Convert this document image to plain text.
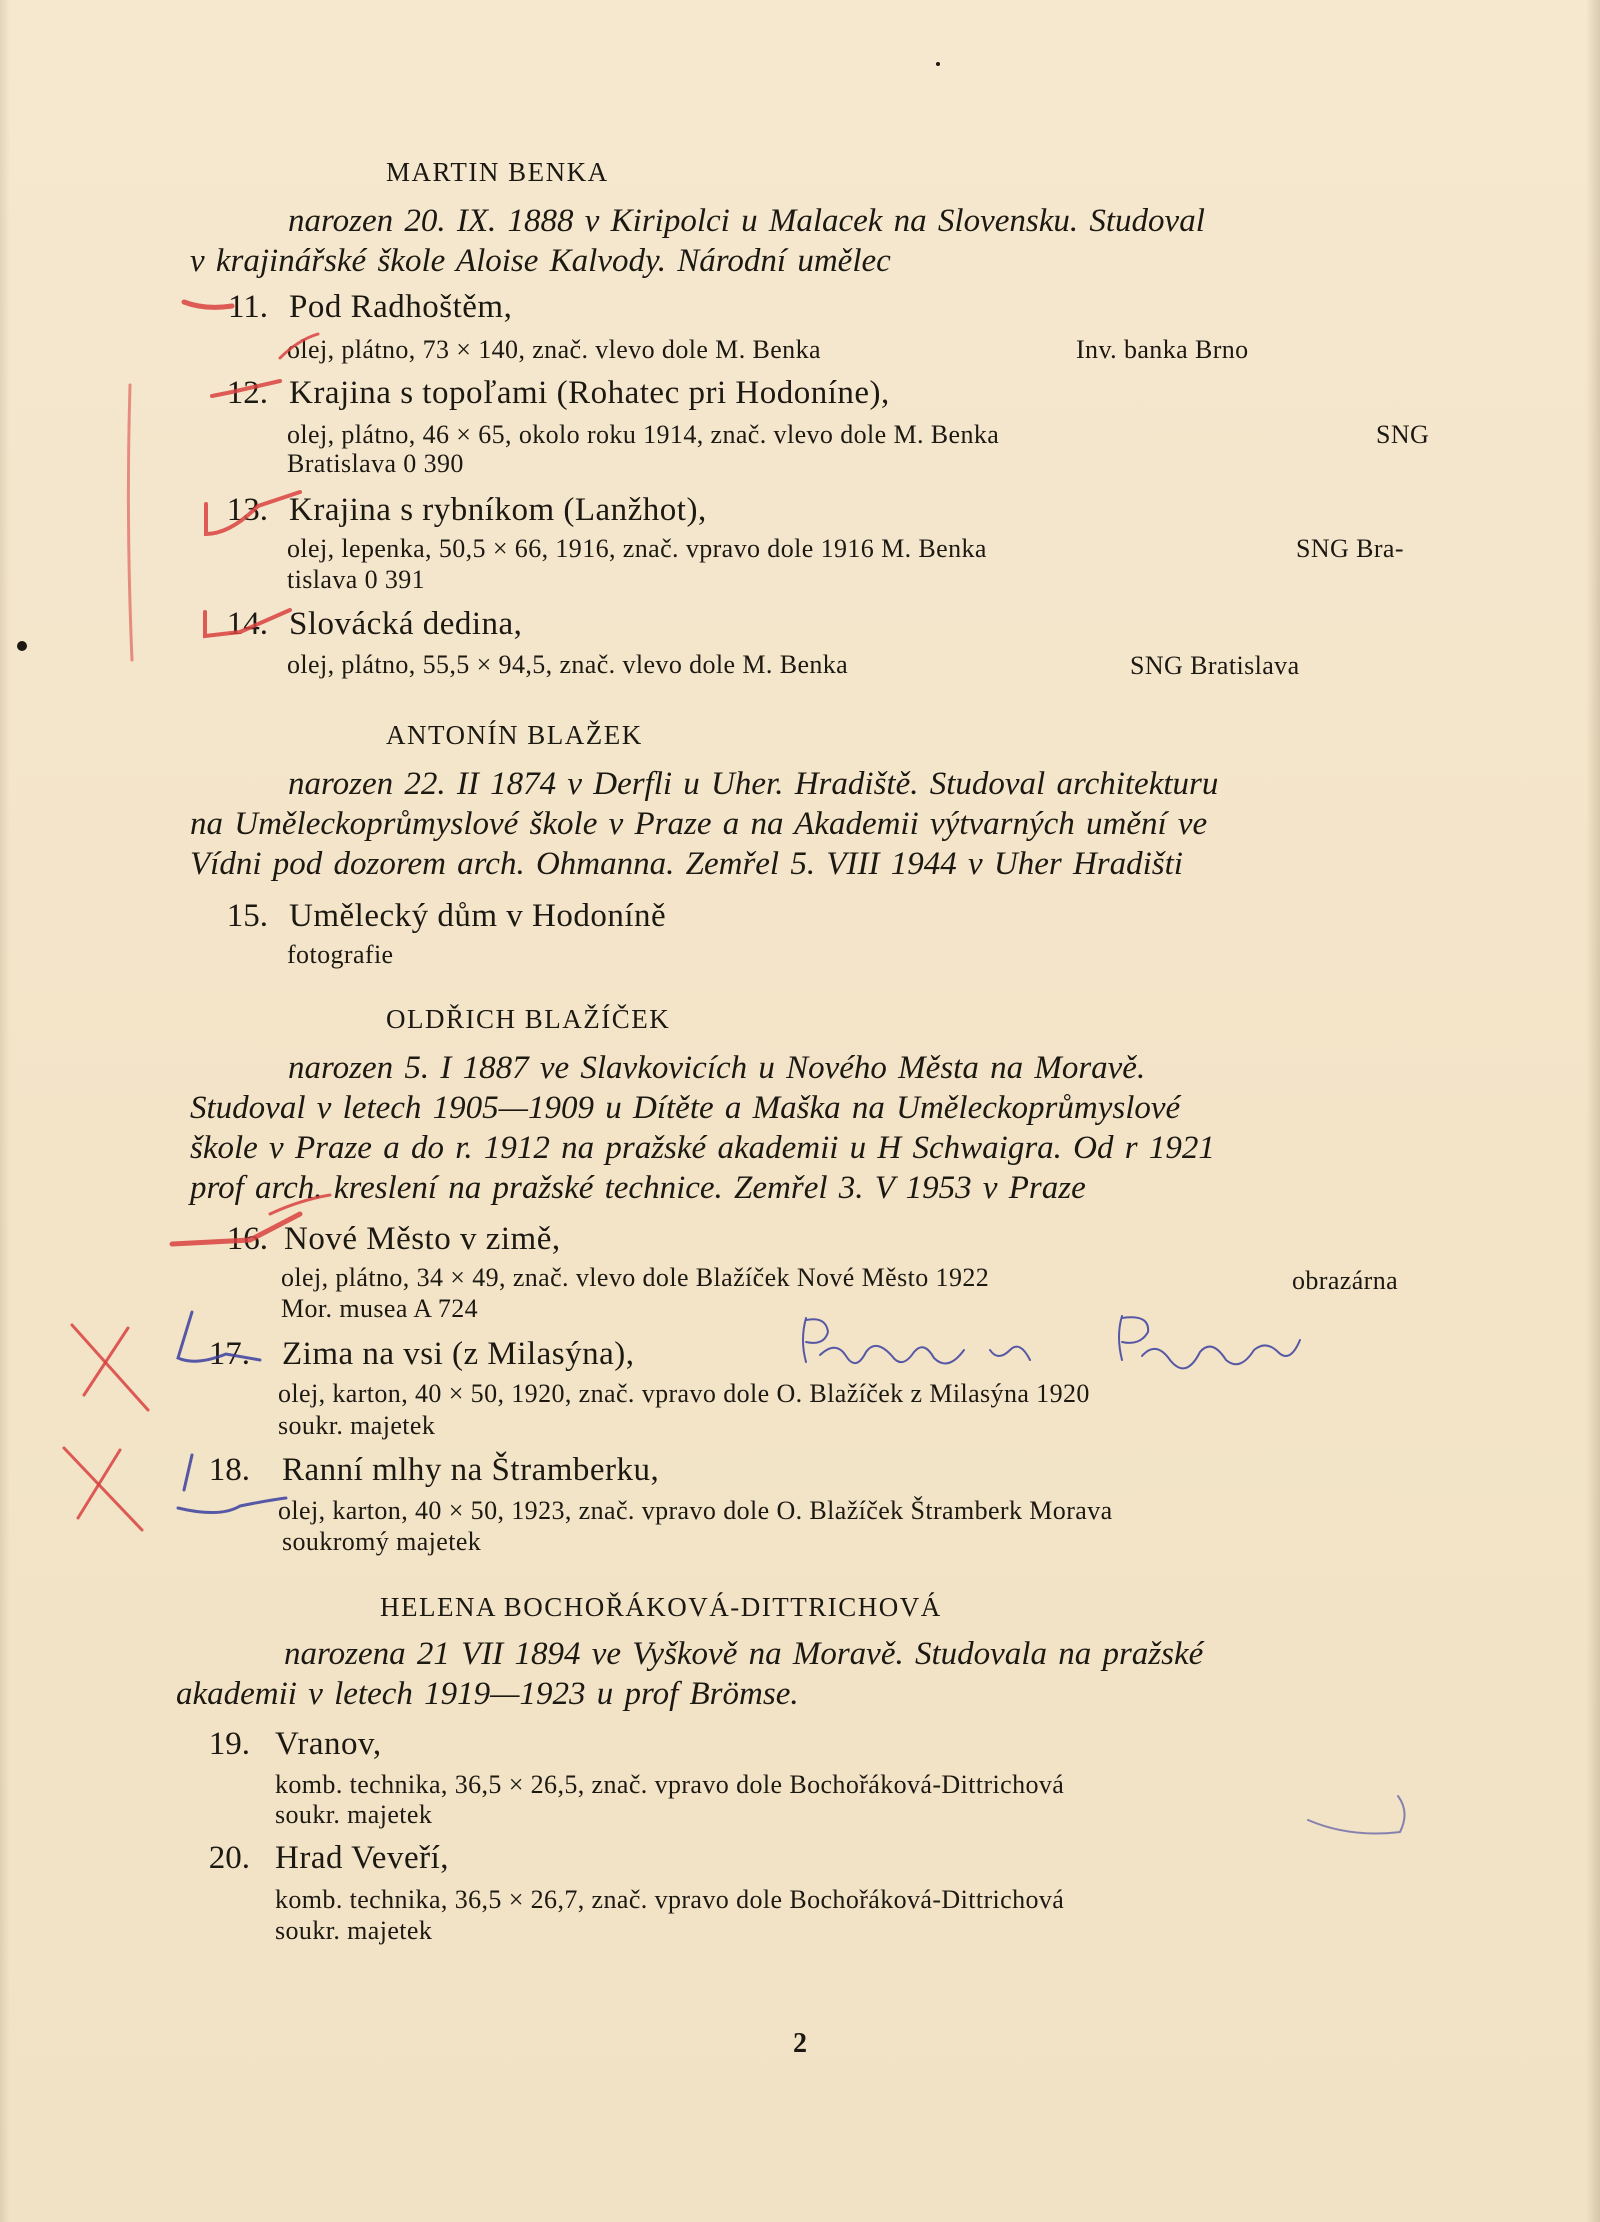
MARTIN BENKA
narozen 20. IX. 1888 v Kiripolci u Malacek na Slovensku. Studoval
v krajinářské škole Aloise Kalvody. Národní umělec
11. Pod Radhoštěm,
olej, plátno, 73 × 140, znač. vlevo dole M. Benka	Inv. banka Brno
12. Krajina s topoľami (Rohatec pri Hodoníne),
olej, plátno, 46 × 65, okolo roku 1914, znač. vlevo dole M. Benka	SNG
Bratislava 0 390
13. Krajina s rybníkom (Lanžhot),
olej, lepenka, 50,5 × 66, 1916, znač. vpravo dole 1916 M. Benka	SNG Bra-
tislava 0 391
14. Slovácká dedina,
olej, plátno, 55,5 × 94,5, znač. vlevo dole M. Benka	SNG Bratislava
ANTONÍN BLAŽEK
narozen 22. II 1874 v Derfli u Uher. Hradiště. Studoval architekturu
na Uměleckoprůmyslové škole v Praze a na Akademii výtvarných umění ve
Vídni pod dozorem arch. Ohmanna. Zemřel 5. VIII 1944 v Uher Hradišti
15. Umělecký dům v Hodoníně
fotografie
OLDŘICH BLAŽÍČEK
narozen 5. I 1887 ve Slavkovicích u Nového Města na Moravě.
Studoval v letech 1905—1909 u Dítěte a Maška na Uměleckoprůmyslové
škole v Praze a do r. 1912 na pražské akademii u H Schwaigra. Od r 1921
prof arch. kreslení na pražské technice. Zemřel 3. V 1953 v Praze
16. Nové Město v zimě,
olej, plátno, 34 × 49, znač. vlevo dole Blažíček Nové Město 1922	obrazárna
Mor. musea A 724
17. Zima na vsi (z Milasýna),
olej, karton, 40 × 50, 1920, znač. vpravo dole O. Blažíček z Milasýna 1920
soukr. majetek
18. Ranní mlhy na Štramberku,
olej, karton, 40 × 50, 1923, znač. vpravo dole O. Blažíček Štramberk Morava
soukromý majetek
HELENA BOCHOŘÁKOVÁ-DITTRICHOVÁ
narozena 21 VII 1894 ve Vyškově na Moravě. Studovala na pražské
akademii v letech 1919—1923 u prof Brömse.
19. Vranov,
komb. technika, 36,5 × 26,5, znač. vpravo dole Bochořáková-Dittrichová
soukr. majetek
20. Hrad Veveří,
komb. technika, 36,5 × 26,7, znač. vpravo dole Bochořáková-Dittrichová
soukr. majetek
2
